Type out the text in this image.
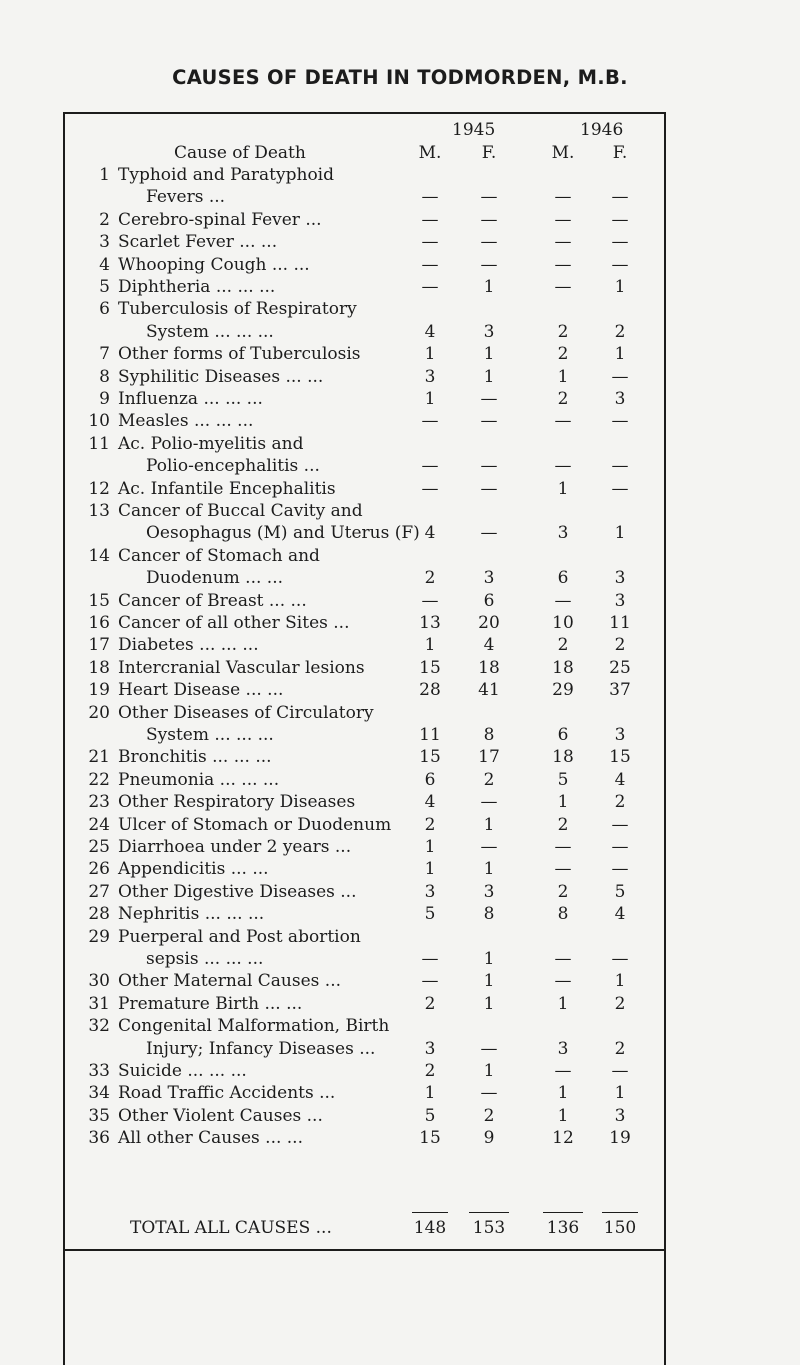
CAUSES OF DEATH IN TODMORDEN, M.B.
1945	1946
Cause of Death	M.	F.	M.	F.
1 Typhoid and Paratyphoid
Fevers ...	—	—	—	—
2 Cerebro-spinal Fever ...	—	—	—	—
3 Scarlet Fever ... ...	—	—	—	—
4 Whooping Cough ... ...	—	—	—	—
5 Diphtheria ... ... ...	—	1	—	1
6 Tuberculosis of Respiratory
System ... ... ...	4	3	2	2
7 Other forms of Tuberculosis	1	1	2	1
8 Syphilitic Diseases ... ...	3	1	1	—
9 Influenza ... ... ...	1	—	2	3
10 Measles ... ... ...	—	—	—	—
11 Ac. Polio-myelitis and
Polio-encephalitis ...	—	—	—	—
12 Ac. Infantile Encephalitis	—	—	1	—
13 Cancer of Buccal Cavity and
Oesophagus (M) and Uterus (F) 4	—	3	1
14 Cancer of Stomach and
Duodenum ... ...	2	3	6	3
15 Cancer of Breast ... ...	—	6	—	3
16 Cancer of all other Sites ...	13	20	10	11
17 Diabetes ... ... ...	1	4	2	2
18 Intercranial Vascular lesions	15	18	18	25
19 Heart Disease ... ...	28	41	29	37
20 Other Diseases of Circulatory
System ... ... ...	11	8	6	3
21 Bronchitis ... ... ...	15	17	18	15
22 Pneumonia ... ... ...	6	2	5	4
23 Other Respiratory Diseases	4	—	1	2
24 Ulcer of Stomach or Duodenum	2	1	2	—
25 Diarrhoea under 2 years ...	1	—	—	—
26 Appendicitis ... ...	1	1	—	—
27 Other Digestive Diseases ...	3	3	2	5
28 Nephritis ... ... ...	5	8	8	4
29 Puerperal and Post abortion
sepsis ... ... ...	—	1	—	—
30 Other Maternal Causes ...	—	1	—	1
31 Premature Birth ... ...	2	1	1	2
32 Congenital Malformation, Birth
Injury; Infancy Diseases ...	3	—	3	2
33 Suicide ... ... ...	2	1	—	—
34 Road Traffic Accidents ...	1	—	1	1
35 Other Violent Causes ...	5	2	1	3
36 All other Causes ... ...	15	9	12	19
TOTAL ALL CAUSES ...	148 153 136 150
